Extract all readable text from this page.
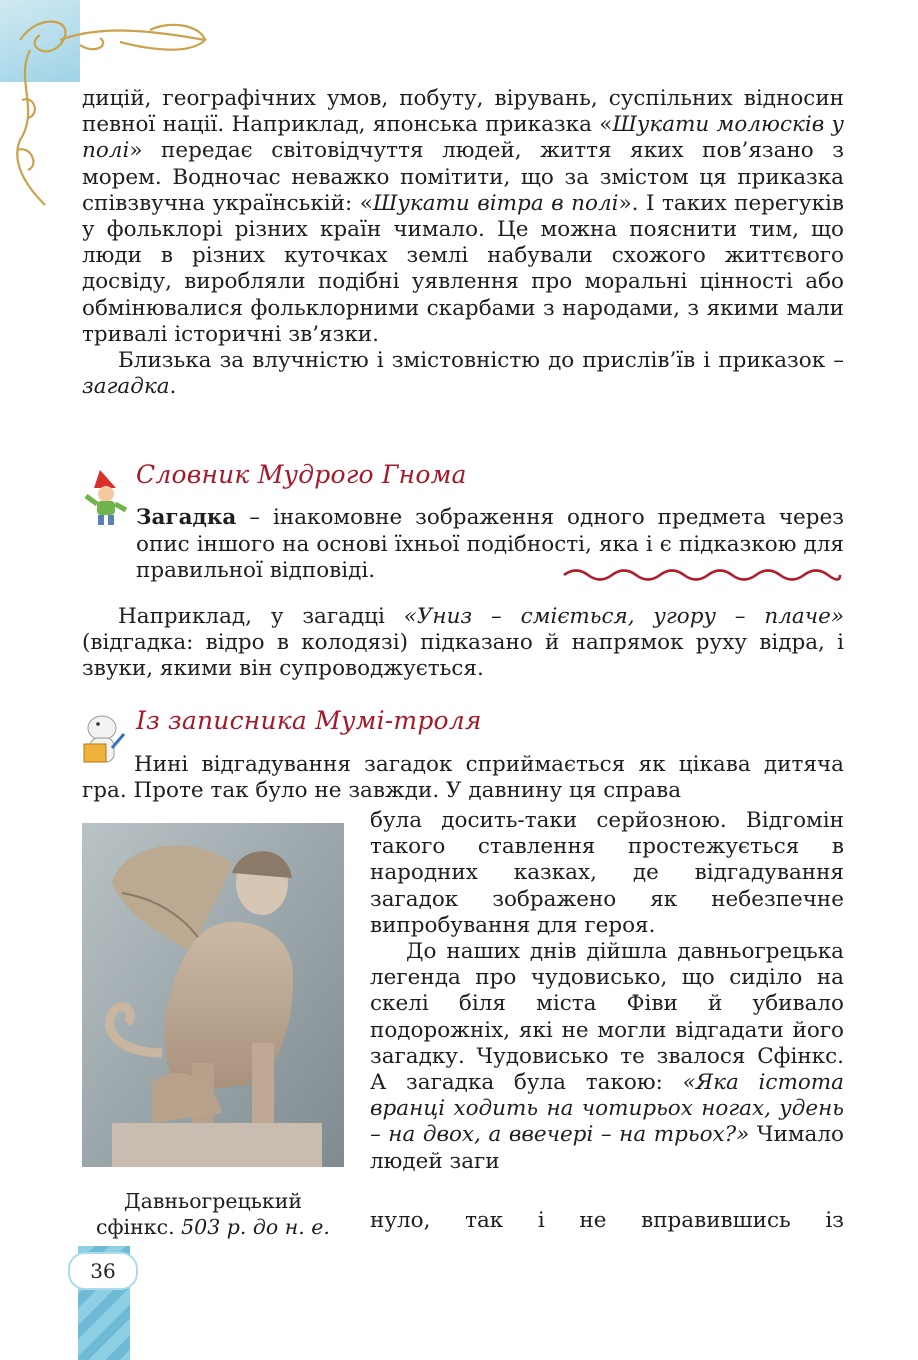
дицій, географічних умов, побуту, вірувань, суспільних відносин певної нації. Наприклад, японська приказка «Шукати молюсків у полі» передає світовідчуття людей, життя яких пов’язано з морем. Водночас неважко помітити, що за змістом ця приказка співзвучна українській: «Шукати вітра в полі». І таких перегуків у фольклорі різних країн чимало. Це можна пояснити тим, що люди в різних куточках землі набували схожого життєвого досвіду, виробляли подібні уявлення про моральні цінності або обмінювалися фольклорними скарбами з народами, з якими мали тривалі історичні зв’язки.

Близька за влучністю і змістовністю до прислів’їв і приказок – загадка.

Словник Мудрого Гнома
Загадка – інакомовне зображення одного предмета через опис іншого на основі їхньої подібності, яка і є підказкою для правильної відповіді.

Наприклад, у загадці «Униз – сміється, угору – плаче» (відгадка: відро в колодязі) підказано й напрямок руху відра, і звуки, якими він супроводжується.

Із записника Мумі-троля

Нині відгадування загадок сприймається як цікава дитяча гра. Проте так було не завжди. У давнину ця справа

Давньогрецький
сфінкс. 503 р. до н. е.

була досить-таки серйозною. Відгомін такого ставлення простежується в народних казках, де відгадування загадок зображено як небезпечне випробування для героя.

До наших днів дійшла давньогрецька легенда про чудовисько, що сиділо на скелі біля міста Фіви й убивало подорожніх, які не могли відгадати його загадку. Чудовисько те звалося Сфінкс. А загадка була такою: «Яка істота вранці ходить на чотирьох ногах, удень – на двох, а ввечері – на трьох?» Чимало людей заги

нуло, так і не вправившись із
36
